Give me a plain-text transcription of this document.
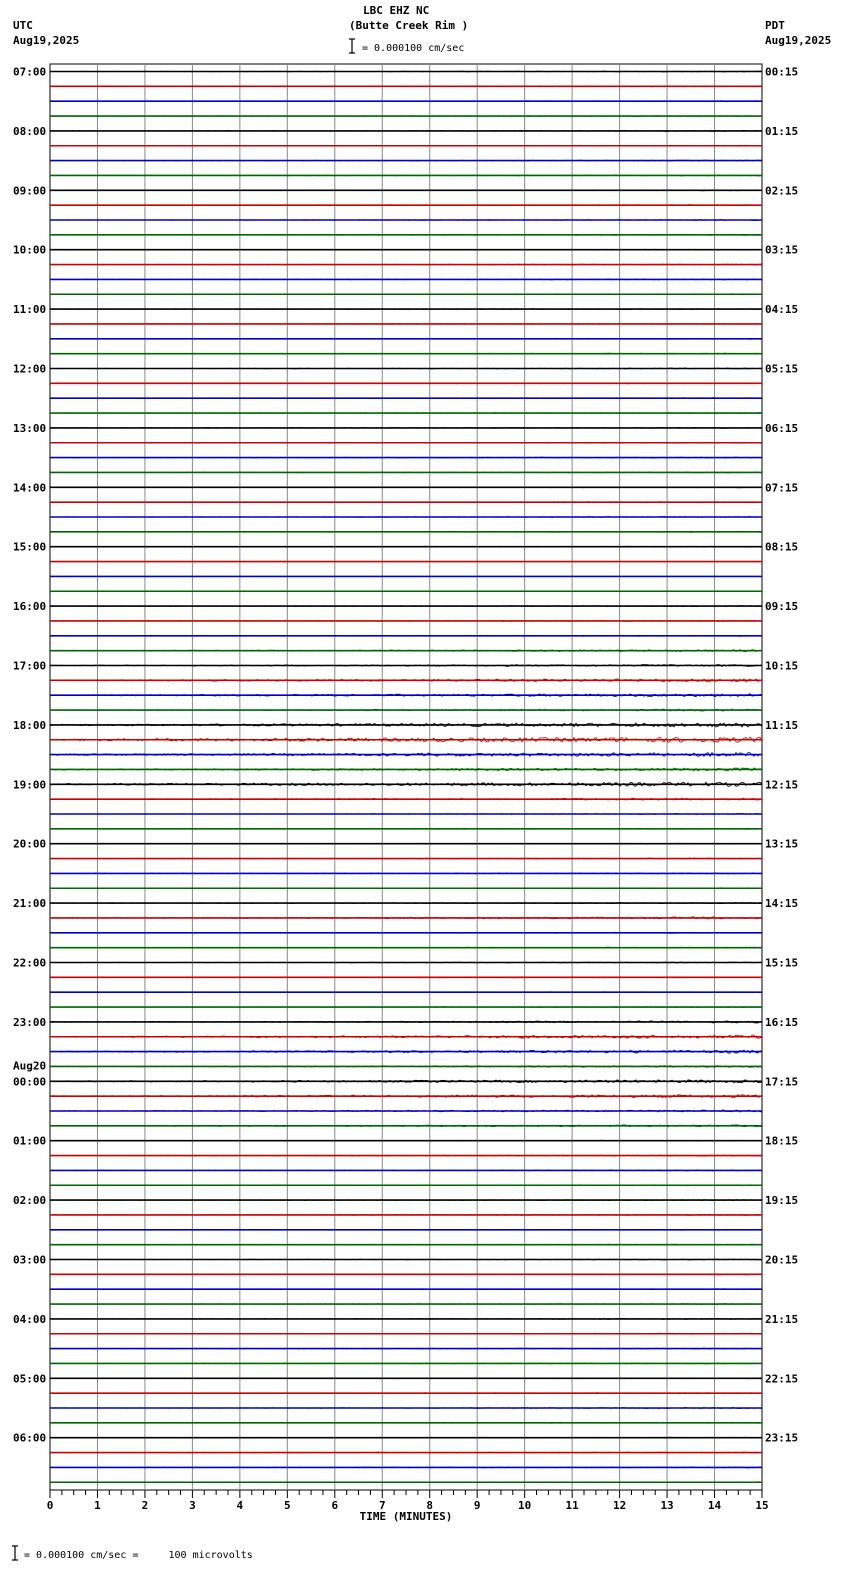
UTC
Aug19,2025
LBC EHZ NC
(Butte Creek Rim )
= 0.000100 cm/sec
PDT
Aug19,2025
= 0.000100 cm/sec =     100 microvolts
07:00	00:15
08:00	01:15
09:00	02:15
10:00	03:15
11:00	04:15
12:00	05:15
13:00	06:15
14:00	07:15
15:00	08:15
16:00	09:15
17:00	10:15
18:00	11:15
19:00	12:15
20:00	13:15
21:00	14:15
22:00	15:15
23:00	16:15
00:00	17:15
01:00	18:15
02:00	19:15
03:00	20:15
04:00	21:15
05:00	22:15
06:00	23:15
Aug20
0	1	2	3	4	5	6	7	8	9	10	11	12	13	14	15
TIME (MINUTES)
